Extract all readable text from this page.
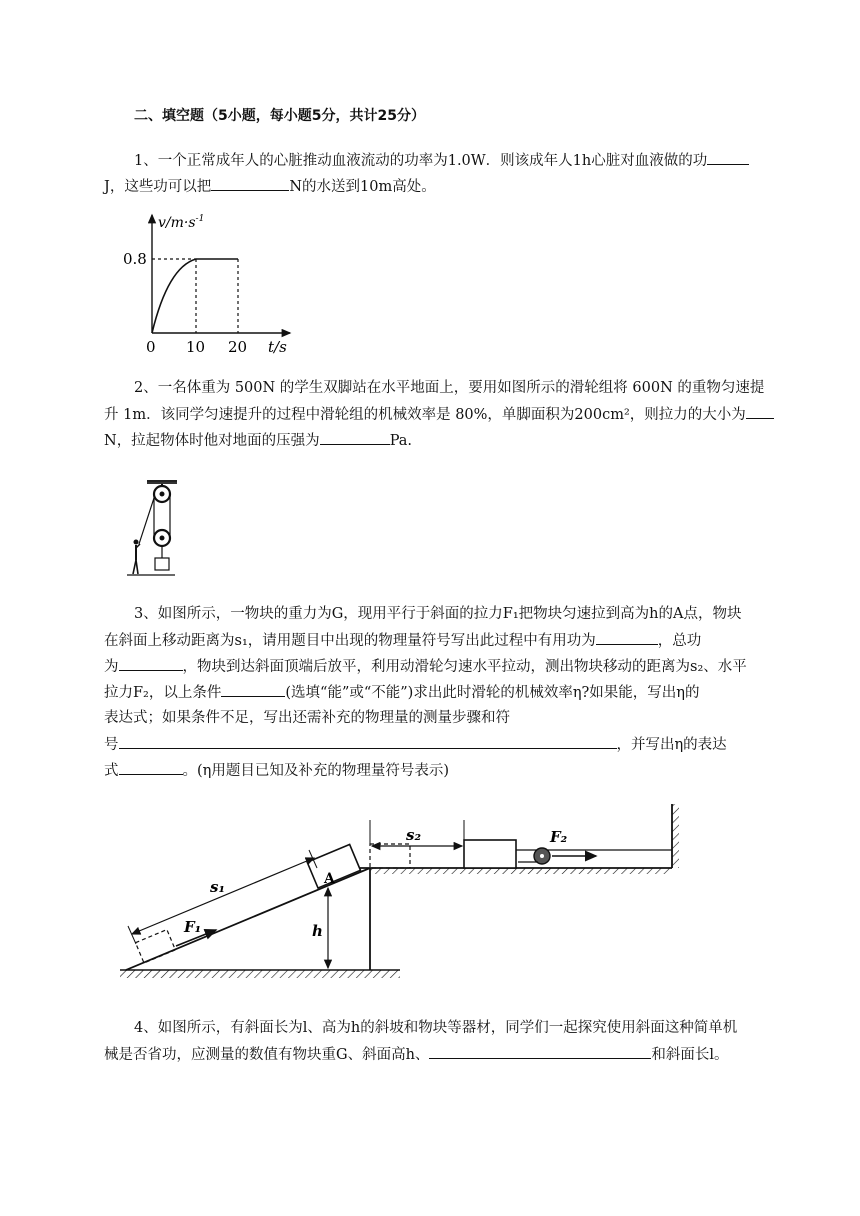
二、填空题（5小题，每小题5分，共计25分）
1、一个正常成年人的心脏推动血液流动的功率为1.0W．则该成年人1h心脏对血液做的功
J，这些功可以把	N的水送到10m高处。
$v/m\cdot s^{-1}$
0.8
0 10 20 t/s
2、一名体重为 500N 的学生双脚站在水平地面上，要用如图所示的滑轮组将 600N 的重物匀速提
升 1m．该同学匀速提升的过程中滑轮组的机械效率是 80%，单脚面积为200cm²，则拉力的大小为
N，拉起物体时他对地面的压强为	Pa.
3、如图所示，一物块的重力为G，现用平行于斜面的拉力F₁把物块匀速拉到高为h的A点，物块
在斜面上移动距离为s₁，请用题目中出现的物理量符号写出此过程中有用功为	，总功
为	，物块到达斜面顶端后放平，利用动滑轮匀速水平拉动，测出物块移动的距离为s₂、水平
拉力F₂，以上条件	(选填“能”或“不能”)求出此时滑轮的机械效率η?如果能，写出η的
表达式；如果条件不足，写出还需补充的物理量的测量步骤和符
号	，并写出η的表达
式	。(η用题目已知及补充的物理量符号表示)
F₁
s₁	A
h
s₂	F₂
4、如图所示，有斜面长为l、高为h的斜坡和物块等器材，同学们一起探究使用斜面这种简单机
械是否省功，应测量的数值有物块重G、斜面高h、	和斜面长l。
